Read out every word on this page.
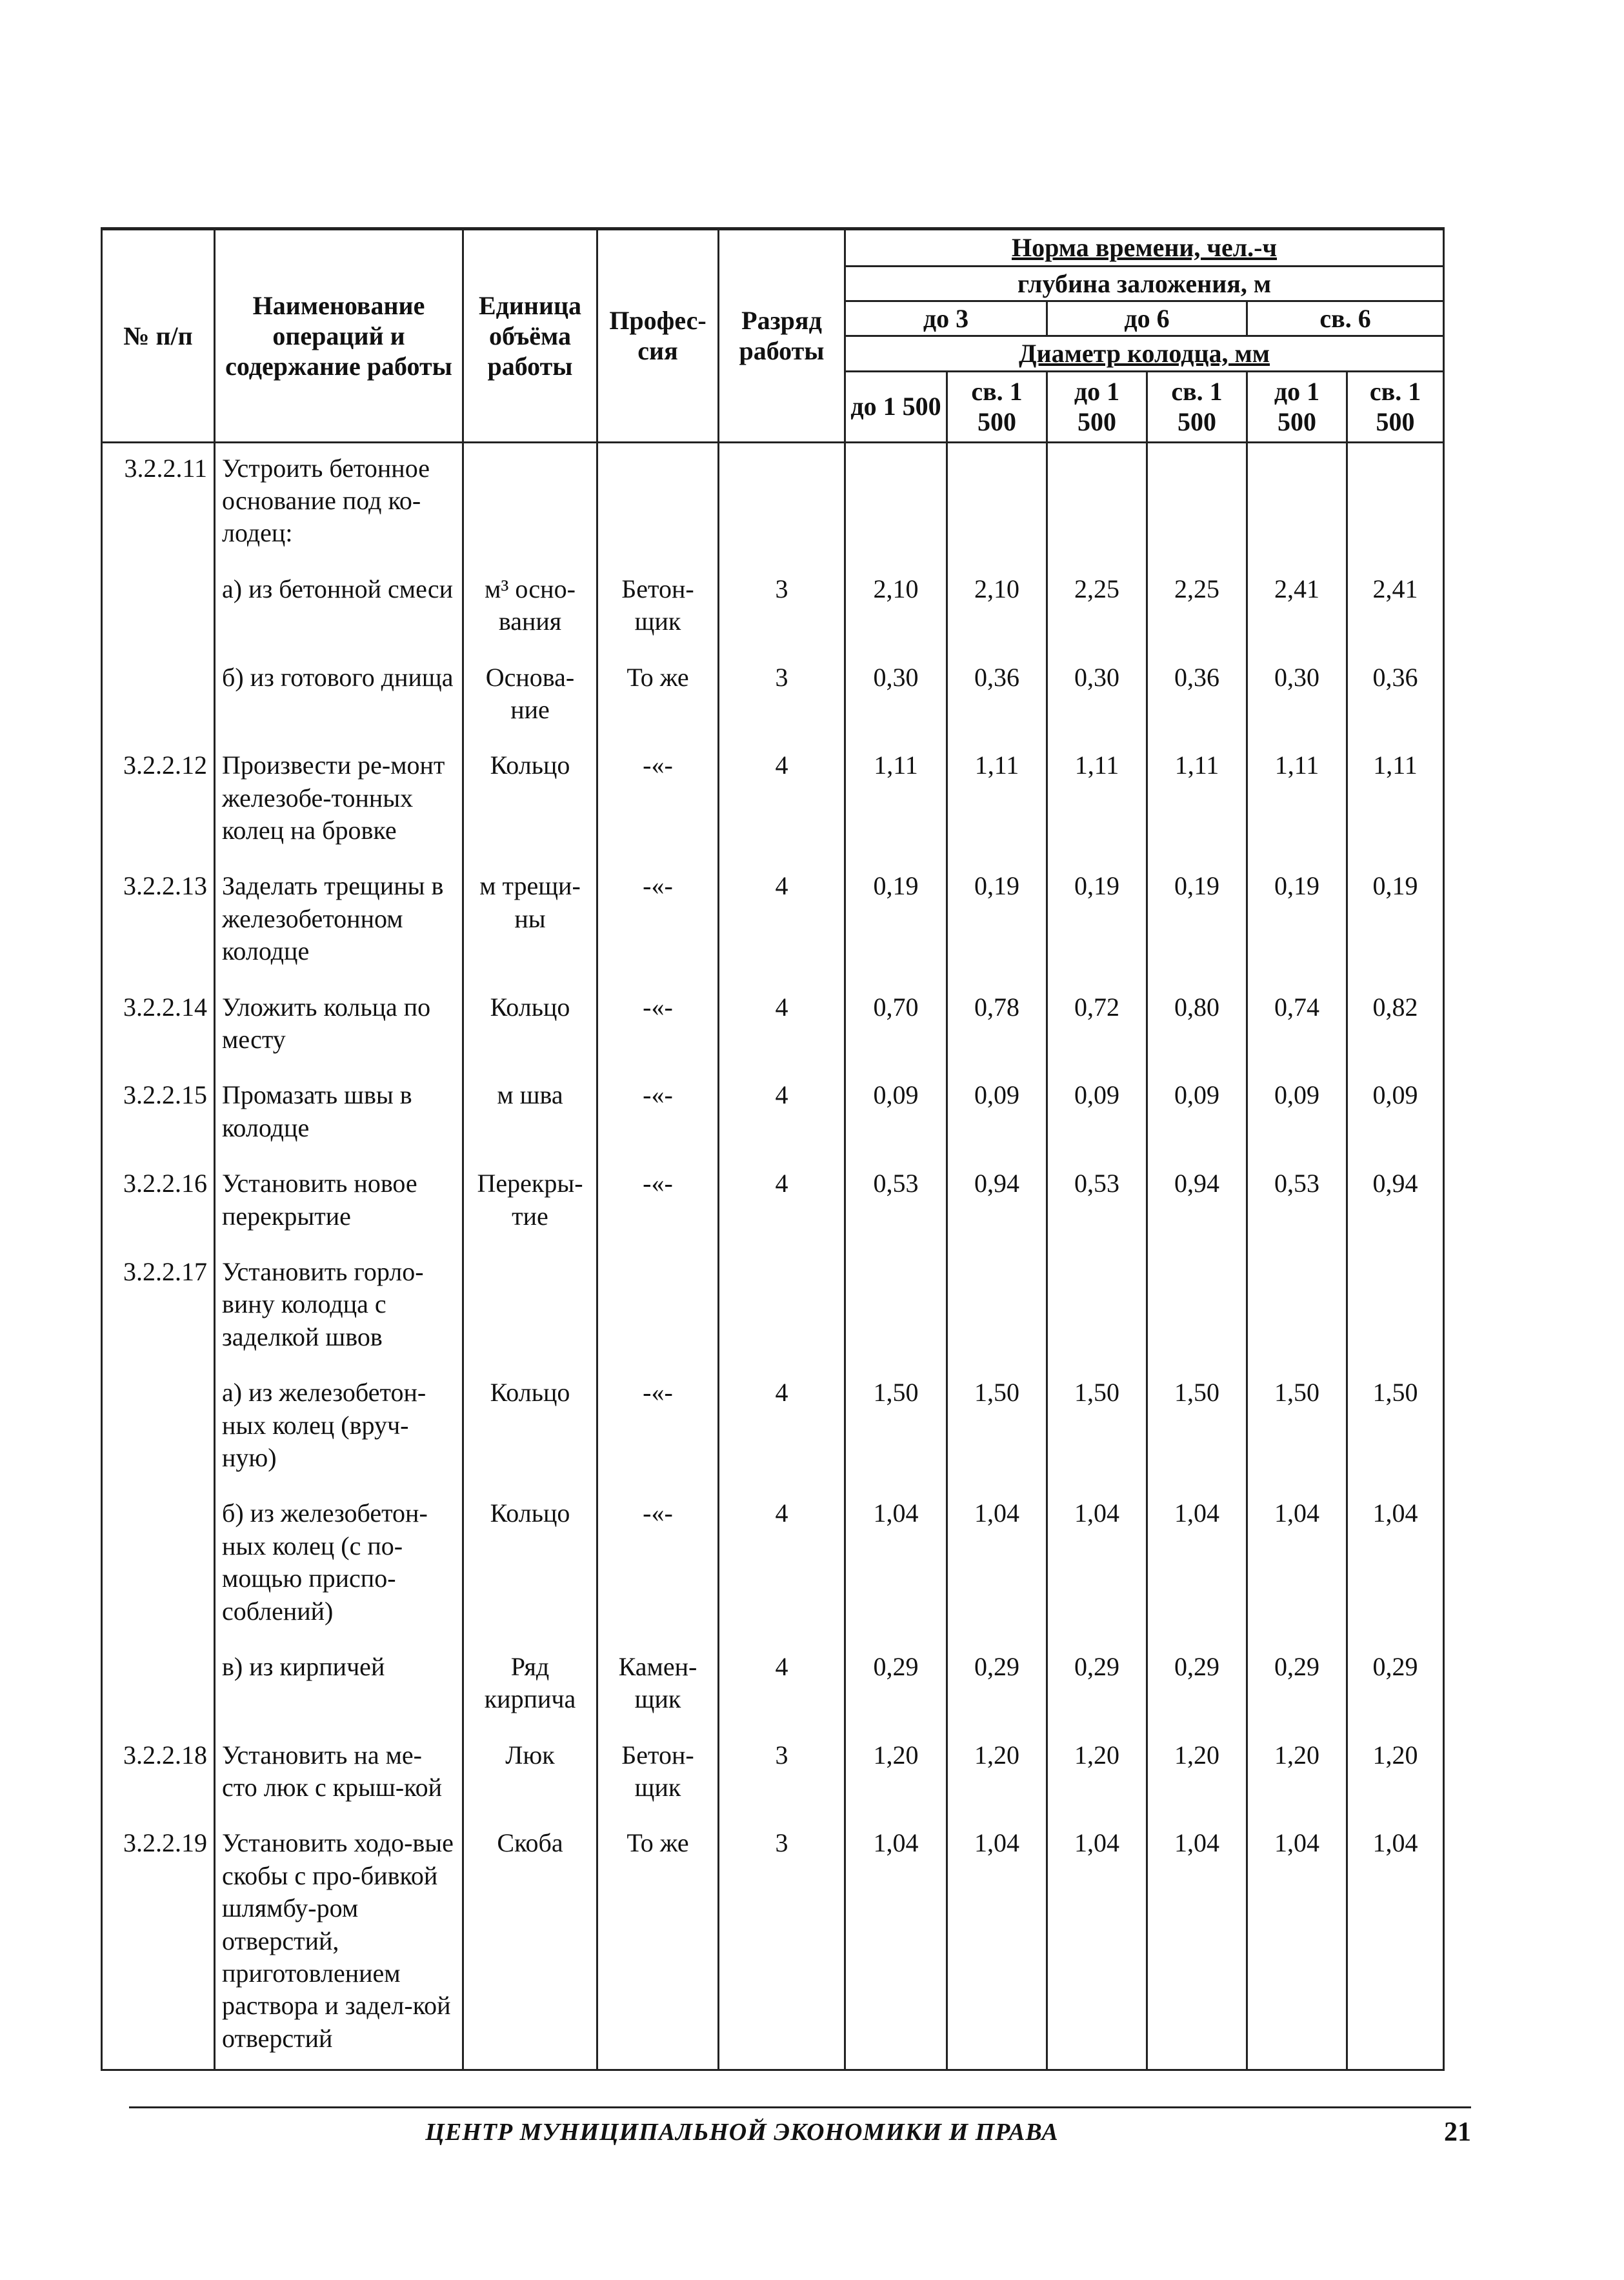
№ п/п	Наименование операций и содержание работы	Единица объёма работы	Профес-сия	Разряд работы	Норма времени, чел.-ч					
					глубина заложения, м					
					до 3		до 6		св. 6	
					Диаметр колодца, мм					
					до 1 500	св. 1 500	до 1 500	св. 1 500	до 1 500	св. 1 500
3.2.2.11	Устроить бетонное основание под ко-лодец:									
	а) из бетонной смеси	м³ осно-вания	Бетон-щик	3	2,10	2,10	2,25	2,25	2,41	2,41
	б) из готового днища	Основа-ние	То же	3	0,30	0,36	0,30	0,36	0,30	0,36
3.2.2.12	Произвести ре-монт железобе-тонных колец на бровке	Кольцо	-«-	4	1,11	1,11	1,11	1,11	1,11	1,11
3.2.2.13	Заделать трещины в железобетонном колодце	м трещи-ны	-«-	4	0,19	0,19	0,19	0,19	0,19	0,19
3.2.2.14	Уложить кольца по месту	Кольцо	-«-	4	0,70	0,78	0,72	0,80	0,74	0,82
3.2.2.15	Промазать швы в колодце	м шва	-«-	4	0,09	0,09	0,09	0,09	0,09	0,09
3.2.2.16	Установить новое перекрытие	Перекры-тие	-«-	4	0,53	0,94	0,53	0,94	0,53	0,94
3.2.2.17	Установить горло-вину колодца с заделкой швов									
	а) из железобетон-ных колец (вруч-ную)	Кольцо	-«-	4	1,50	1,50	1,50	1,50	1,50	1,50
	б) из железобетон-ных колец (с по-мощью приспо-соблений)	Кольцо	-«-	4	1,04	1,04	1,04	1,04	1,04	1,04
	в) из кирпичей	Ряд кирпича	Камен-щик	4	0,29	0,29	0,29	0,29	0,29	0,29
3.2.2.18	Установить на ме-сто люк с крыш-кой	Люк	Бетон-щик	3	1,20	1,20	1,20	1,20	1,20	1,20
3.2.2.19	Установить ходо-вые скобы с про-бивкой шлямбу-ром отверстий, приготовлением раствора и задел-кой отверстий	Скоба	То же	3	1,04	1,04	1,04	1,04	1,04	1,04
ЦЕНТР МУНИЦИПАЛЬНОЙ ЭКОНОМИКИ И ПРАВА	21
